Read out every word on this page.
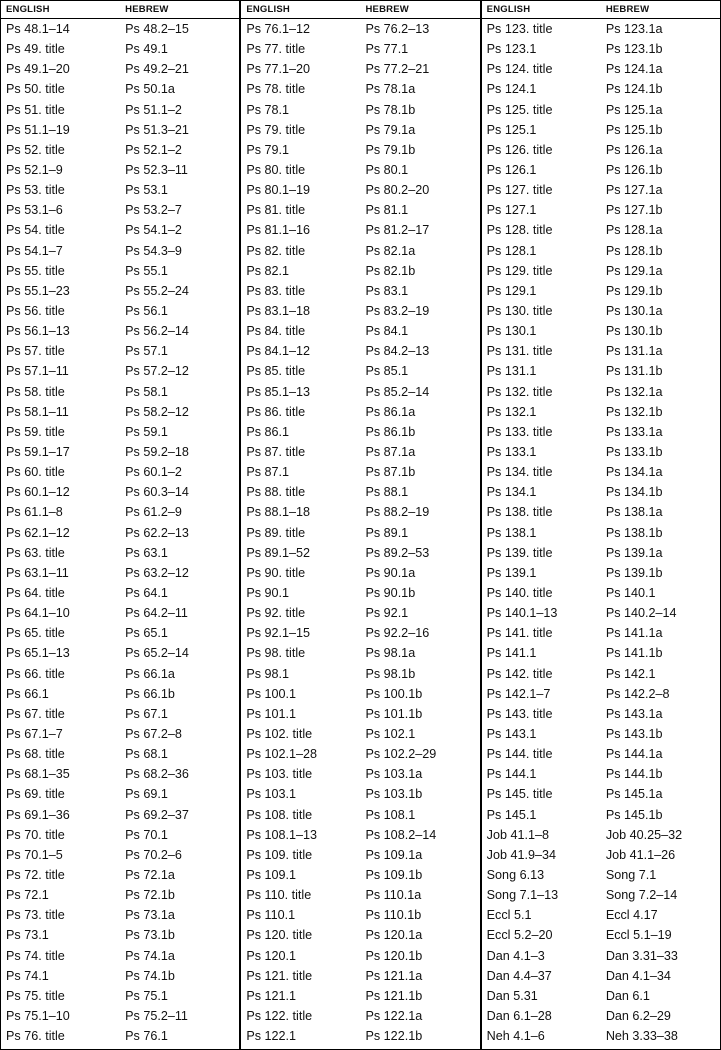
ENGLISH	HEBREW
Ps 48.1–14	Ps 48.2–15
Ps 49. title	Ps 49.1
Ps 49.1–20	Ps 49.2–21
Ps 50. title	Ps 50.1a
Ps 51. title	Ps 51.1–2
Ps 51.1–19	Ps 51.3–21
Ps 52. title	Ps 52.1–2
Ps 52.1–9	Ps 52.3–11
Ps 53. title	Ps 53.1
Ps 53.1–6	Ps 53.2–7
Ps 54. title	Ps 54.1–2
Ps 54.1–7	Ps 54.3–9
Ps 55. title	Ps 55.1
Ps 55.1–23	Ps 55.2–24
Ps 56. title	Ps 56.1
Ps 56.1–13	Ps 56.2–14
Ps 57. title	Ps 57.1
Ps 57.1–11	Ps 57.2–12
Ps 58. title	Ps 58.1
Ps 58.1–11	Ps 58.2–12
Ps 59. title	Ps 59.1
Ps 59.1–17	Ps 59.2–18
Ps 60. title	Ps 60.1–2
Ps 60.1–12	Ps 60.3–14
Ps 61.1–8	Ps 61.2–9
Ps 62.1–12	Ps 62.2–13
Ps 63. title	Ps 63.1
Ps 63.1–11	Ps 63.2–12
Ps 64. title	Ps 64.1
Ps 64.1–10	Ps 64.2–11
Ps 65. title	Ps 65.1
Ps 65.1–13	Ps 65.2–14
Ps 66. title	Ps 66.1a
Ps 66.1	Ps 66.1b
Ps 67. title	Ps 67.1
Ps 67.1–7	Ps 67.2–8
Ps 68. title	Ps 68.1
Ps 68.1–35	Ps 68.2–36
Ps 69. title	Ps 69.1
Ps 69.1–36	Ps 69.2–37
Ps 70. title	Ps 70.1
Ps 70.1–5	Ps 70.2–6
Ps 72. title	Ps 72.1a
Ps 72.1	Ps 72.1b
Ps 73. title	Ps 73.1a
Ps 73.1	Ps 73.1b
Ps 74. title	Ps 74.1a
Ps 74.1	Ps 74.1b
Ps 75. title	Ps 75.1
Ps 75.1–10	Ps 75.2–11
Ps 76. title	Ps 76.1
ENGLISH	HEBREW
Ps 76.1–12	Ps 76.2–13
Ps 77. title	Ps 77.1
Ps 77.1–20	Ps 77.2–21
Ps 78. title	Ps 78.1a
Ps 78.1	Ps 78.1b
Ps 79. title	Ps 79.1a
Ps 79.1	Ps 79.1b
Ps 80. title	Ps 80.1
Ps 80.1–19	Ps 80.2–20
Ps 81. title	Ps 81.1
Ps 81.1–16	Ps 81.2–17
Ps 82. title	Ps 82.1a
Ps 82.1	Ps 82.1b
Ps 83. title	Ps 83.1
Ps 83.1–18	Ps 83.2–19
Ps 84. title	Ps 84.1
Ps 84.1–12	Ps 84.2–13
Ps 85. title	Ps 85.1
Ps 85.1–13	Ps 85.2–14
Ps 86. title	Ps 86.1a
Ps 86.1	Ps 86.1b
Ps 87. title	Ps 87.1a
Ps 87.1	Ps 87.1b
Ps 88. title	Ps 88.1
Ps 88.1–18	Ps 88.2–19
Ps 89. title	Ps 89.1
Ps 89.1–52	Ps 89.2–53
Ps 90. title	Ps 90.1a
Ps 90.1	Ps 90.1b
Ps 92. title	Ps 92.1
Ps 92.1–15	Ps 92.2–16
Ps 98. title	Ps 98.1a
Ps 98.1	Ps 98.1b
Ps 100.1	Ps 100.1b
Ps 101.1	Ps 101.1b
Ps 102. title	Ps 102.1
Ps 102.1–28	Ps 102.2–29
Ps 103. title	Ps 103.1a
Ps 103.1	Ps 103.1b
Ps 108. title	Ps 108.1
Ps 108.1–13	Ps 108.2–14
Ps 109. title	Ps 109.1a
Ps 109.1	Ps 109.1b
Ps 110. title	Ps 110.1a
Ps 110.1	Ps 110.1b
Ps 120. title	Ps 120.1a
Ps 120.1	Ps 120.1b
Ps 121. title	Ps 121.1a
Ps 121.1	Ps 121.1b
Ps 122. title	Ps 122.1a
Ps 122.1	Ps 122.1b
ENGLISH	HEBREW
Ps 123. title	Ps 123.1a
Ps 123.1	Ps 123.1b
Ps 124. title	Ps 124.1a
Ps 124.1	Ps 124.1b
Ps 125. title	Ps 125.1a
Ps 125.1	Ps 125.1b
Ps 126. title	Ps 126.1a
Ps 126.1	Ps 126.1b
Ps 127. title	Ps 127.1a
Ps 127.1	Ps 127.1b
Ps 128. title	Ps 128.1a
Ps 128.1	Ps 128.1b
Ps 129. title	Ps 129.1a
Ps 129.1	Ps 129.1b
Ps 130. title	Ps 130.1a
Ps 130.1	Ps 130.1b
Ps 131. title	Ps 131.1a
Ps 131.1	Ps 131.1b
Ps 132. title	Ps 132.1a
Ps 132.1	Ps 132.1b
Ps 133. title	Ps 133.1a
Ps 133.1	Ps 133.1b
Ps 134. title	Ps 134.1a
Ps 134.1	Ps 134.1b
Ps 138. title	Ps 138.1a
Ps 138.1	Ps 138.1b
Ps 139. title	Ps 139.1a
Ps 139.1	Ps 139.1b
Ps 140. title	Ps 140.1
Ps 140.1–13	Ps 140.2–14
Ps 141. title	Ps 141.1a
Ps 141.1	Ps 141.1b
Ps 142. title	Ps 142.1
Ps 142.1–7	Ps 142.2–8
Ps 143. title	Ps 143.1a
Ps 143.1	Ps 143.1b
Ps 144. title	Ps 144.1a
Ps 144.1	Ps 144.1b
Ps 145. title	Ps 145.1a
Ps 145.1	Ps 145.1b
Job 41.1–8	Job 40.25–32
Job 41.9–34	Job 41.1–26
Song 6.13	Song 7.1
Song 7.1–13	Song 7.2–14
Eccl 5.1	Eccl 4.17
Eccl 5.2–20	Eccl 5.1–19
Dan 4.1–3	Dan 3.31–33
Dan 4.4–37	Dan 4.1–34
Dan 5.31	Dan 6.1
Dan 6.1–28	Dan 6.2–29
Neh 4.1–6	Neh 3.33–38
